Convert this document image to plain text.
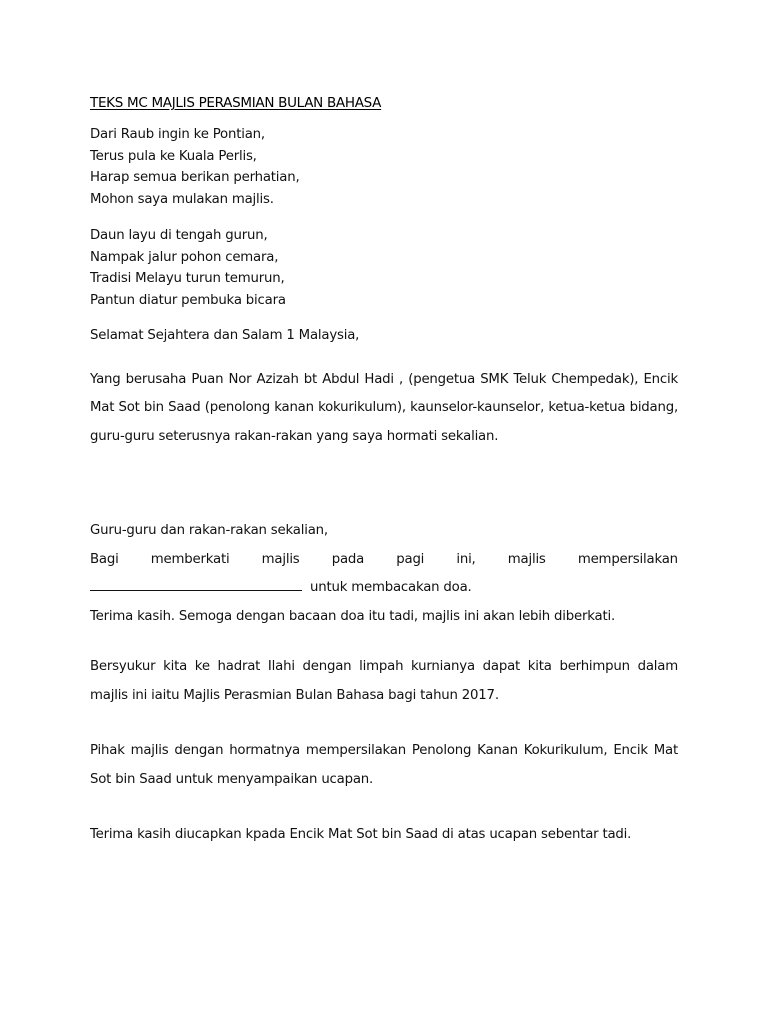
TEKS MC MAJLIS PERASMIAN BULAN BAHASA
Dari Raub ingin ke Pontian,
Terus pula ke Kuala Perlis,
Harap semua berikan perhatian,
Mohon saya mulakan majlis.
Daun layu di tengah gurun,
Nampak jalur pohon cemara,
Tradisi Melayu turun temurun,
Pantun diatur pembuka bicara
Selamat Sejahtera dan Salam 1 Malaysia,

Yang berusaha Puan Nor Azizah bt Abdul Hadi , (pengetua SMK Teluk Chempedak), Encik Mat Sot bin Saad (penolong kanan kokurikulum), kaunselor-kaunselor, ketua-ketua bidang, guru-guru seterusnya rakan-rakan yang saya hormati sekalian.

Guru-guru dan rakan-rakan sekalian,

Bagi memberkati majlis pada pagi ini, majlis mempersilakan
untuk membacakan doa.

Terima kasih. Semoga dengan bacaan doa itu tadi, majlis ini akan lebih diberkati.

Bersyukur kita ke hadrat Ilahi dengan limpah kurnianya dapat kita berhimpun dalam majlis ini iaitu Majlis Perasmian Bulan Bahasa bagi tahun 2017.

Pihak majlis dengan hormatnya mempersilakan Penolong Kanan Kokurikulum, Encik Mat Sot bin Saad untuk menyampaikan ucapan.

Terima kasih diucapkan kpada Encik Mat Sot bin Saad di atas ucapan sebentar tadi.
